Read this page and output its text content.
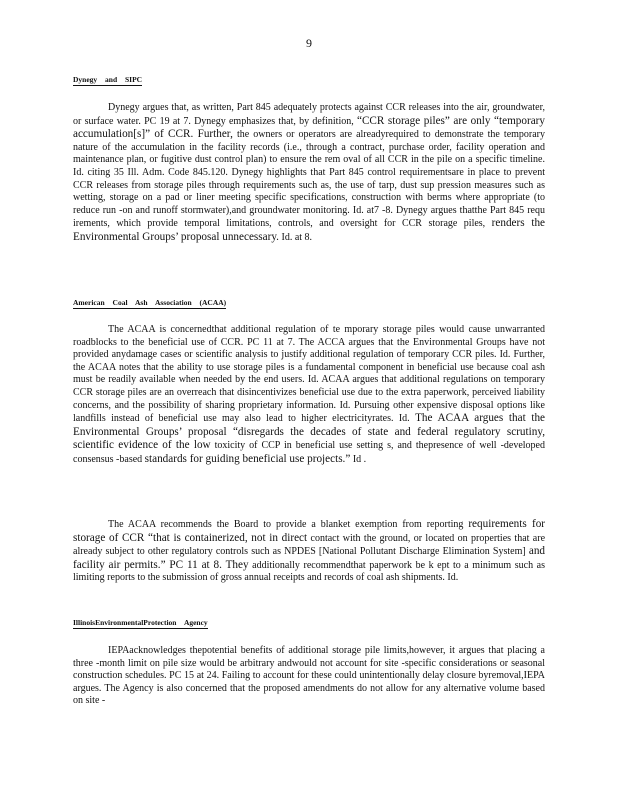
9
Dynegy and SIPC

Dynegy argues that, as written, Part 845 adequately protects against CCR releases into the air, groundwater, or surface water. PC 19 at 7. Dynegy emphasizes that, by definition, “CCR storage piles” are only “temporary accumulation[s]” of CCR. Further, the owners or operators are alreadyrequired to demonstrate the temporary nature of the accumulation in the facility records (i.e., through a contract, purchase order, facility operation and maintenance plan, or fugitive dust control plan) to ensure the rem oval of all CCR in the pile on a specific timeline. Id. citing 35 Ill. Adm. Code 845.120. Dynegy highlights that Part 845 control requirementsare in place to prevent CCR releases from storage piles through requirements such as, the use of tarp, dust sup pression measures such as wetting, storage on a pad or liner meeting specific specifications, construction with berms where appropriate (to reduce run -on and runoff stormwater),and groundwater monitoring. Id. at7 -8. Dynegy argues thatthe Part 845 requ irements, which provide temporal limitations, controls, and oversight for CCR storage piles, renders the Environmental Groups’ proposal unnecessary. Id. at 8.

American Coal Ash Association (ACAA)

The ACAA is concernedthat additional regulation of te mporary storage piles would cause unwarranted roadblocks to the beneficial use of CCR. PC 11 at 7. The ACCA argues that the Environmental Groups have not provided anydamage cases or scientific analysis to justify additional regulation of temporary CCR piles. Id. Further, the ACAA notes that the ability to use storage piles is a fundamental component in beneficial use because coal ash must be readily available when needed by the end users. Id. ACAA argues that additional regulations on temporary CCR storage piles are an overreach that disincentivizes beneficial use due to the extra paperwork, perceived liability concerns, and the possibility of sharing proprietary information. Id. Pursuing other expensive disposal options like landfills instead of beneficial use may also lead to higher electricityrates. Id. The ACAA argues that the Environmental Groups’ proposal “disregards the decades of state and federal regulatory scrutiny, scientific evidence of the low toxicity of CCP in beneficial use setting s, and thepresence of well -developed consensus -based standards for guiding beneficial use projects.” Id .

The ACAA recommends the Board to provide a blanket exemption from reporting requirements for storage of CCR “that is containerized, not in direct contact with the ground, or located on properties that are already subject to other regulatory controls such as NPDES [National Pollutant Discharge Elimination System] and facility air permits.” PC 11 at 8. They additionally recommendthat paperwork be k ept to a minimum such as limiting reports to the submission of gross annual receipts and records of coal ash shipments. Id.

IllinoisEnvironmentalProtection Agency

IEPAacknowledges thepotential benefits of additional storage pile limits,however, it argues that placing a three -month limit on pile size would be arbitrary andwould not account for site -specific considerations or seasonal construction schedules. PC 15 at 24. Failing to account for these could unintentionally delay closure byremoval,IEPA argues. The Agency is also concerned that the proposed amendments do not allow for any alternative volume based on site -
